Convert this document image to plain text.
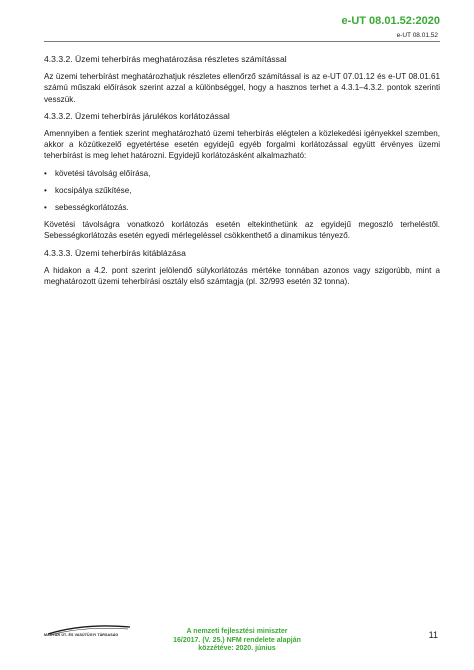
e-UT 08.01.52:2020

e-UT 08.01.52

4.3.3.2. Üzemi teherbírás meghatározása részletes számítással

Az üzemi teherbírást meghatározhatjuk részletes ellenőrző számítással is az e-UT 07.01.12 és e-UT 08.01.61 számú műszaki előírások szerint azzal a különbséggel, hogy a hasznos terhet a 4.3.1–4.3.2. pontok szerinti vesszük.

4.3.3.2. Üzemi teherbírás járulékos korlátozással

Amennyiben a fentiek szerint meghatározható üzemi teherbírás elégtelen a közlekedési igényekkel szemben, akkor a közútkezelő egyetértése esetén egyidejű egyéb forgalmi korlátozással együtt érvényes üzemi teherbírást is meg lehet határozni. Egyidejű korlátozásként alkalmazható:

• követési távolság előírása,
• kocsipálya szűkítése,
• sebességkorlátozás.

Követési távolságra vonatkozó korlátozás esetén eltekinthetünk az egyidejű megoszló terheléstől. Sebességkorlátozás esetén egyedi mérlegeléssel csökkenthető a dinamikus tényező.

4.3.3.3. Üzemi teherbírás kitáblázása

A hidakon a 4.2. pont szerint jelölendő súlykorlátozás mértéke tonnában azonos vagy szigorúbb, mint a meghatározott üzemi teherbírási osztály első számtagja (pl. 32/993 esetén 32 tonna).

MAGYAR ÚT- ÉS VASÚTÜGYI TÁRSASÁG	A nemzeti fejlesztési miniszter
16/2017. (V. 25.) NFM rendelete alapján
közzétéve: 2020. június

11
